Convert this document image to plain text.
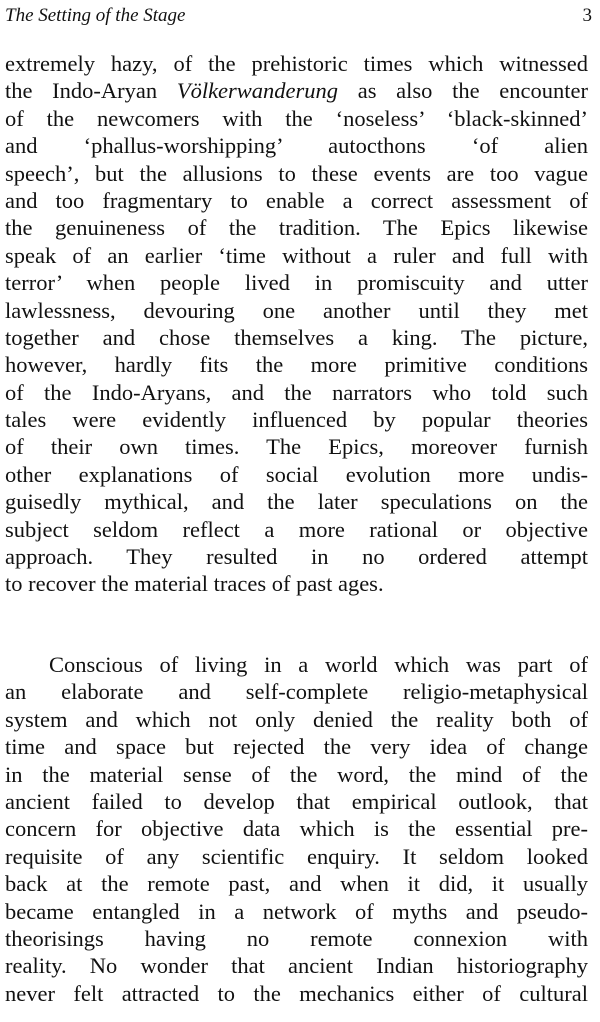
The Setting of the Stage	3
extremely hazy, of the prehistoric times which witnessed
the Indo-Aryan Völkerwanderung as also the encounter
of the newcomers with the ‘noseless’ ‘black-skinned’
and ‘phallus-worshipping’ autocthons ‘of alien
speech’, but the allusions to these events are too vague
and too fragmentary to enable a correct assessment of
the genuineness of the tradition. The Epics likewise
speak of an earlier ‘time without a ruler and full with
terror’ when people lived in promiscuity and utter
lawlessness, devouring one another until they met
together and chose themselves a king. The picture,
however, hardly fits the more primitive conditions
of the Indo-Aryans, and the narrators who told such
tales were evidently influenced by popular theories
of their own times. The Epics, moreover furnish
other explanations of social evolution more undis-
guisedly mythical, and the later speculations on the
subject seldom reflect a more rational or objective
approach. They resulted in no ordered attempt
to recover the material traces of past ages.
Conscious of living in a world which was part of
an elaborate and self-complete religio-metaphysical
system and which not only denied the reality both of
time and space but rejected the very idea of change
in the material sense of the word, the mind of the
ancient failed to develop that empirical outlook, that
concern for objective data which is the essential pre-
requisite of any scientific enquiry. It seldom looked
back at the remote past, and when it did, it usually
became entangled in a network of myths and pseudo-
theorisings having no remote connexion with
reality. No wonder that ancient Indian historiography
never felt attracted to the mechanics either of cultural
